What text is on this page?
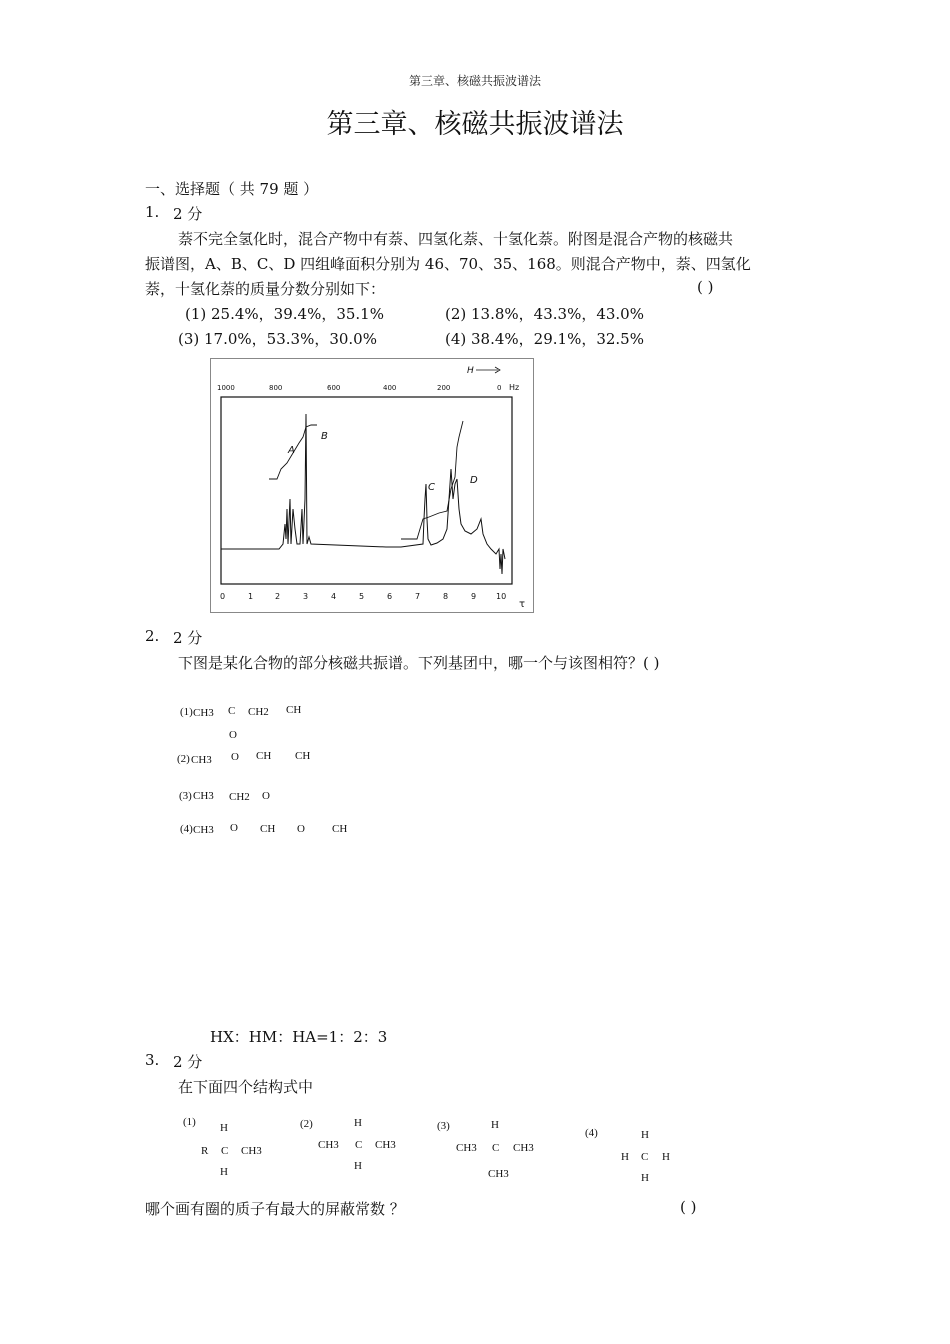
第三章、核磁共振波谱法
第三章、核磁共振波谱法
一、选择题（ 共 79 题 ）
1. 2 分
萘不完全氢化时，混合产物中有萘、四氢化萘、十氢化萘。附图是混合产物的核磁共
振谱图，A、B、C、D 四组峰面积分别为 46、70、35、168。则混合产物中，萘、四氢化
萘，十氢化萘的质量分数分别如下：	( )
(1) 25.4%，39.4%，35.1%	(2) 13.8%，43.3%，43.0%
(3) 17.0%，53.3%，30.0%	(4) 38.4%，29.1%，32.5%
1000	800	600	400	200	0 Hz
H
A
B
C
D
0	1	2	3	4	5	6	7	8	9 10
τ
2. 2 分
下图是某化合物的部分核磁共振谱。下列基团中，哪一个与该图相符？( )
(1) CH3 C CH2 CH
O
(2) CH3 O CH CH
(3) CH3 CH2 O
(4) CH3 O CH O CH
HX：HM：HA=1：2：3
3. 2 分
在下面四个结构式中
(1) H
R C CH3
H
(2)	H
CH3 C CH3
H
(3)	H
CH3 C CH3
CH3
(4)	H
H C H
H
哪个画有圈的质子有最大的屏蔽常数 ？	( )
